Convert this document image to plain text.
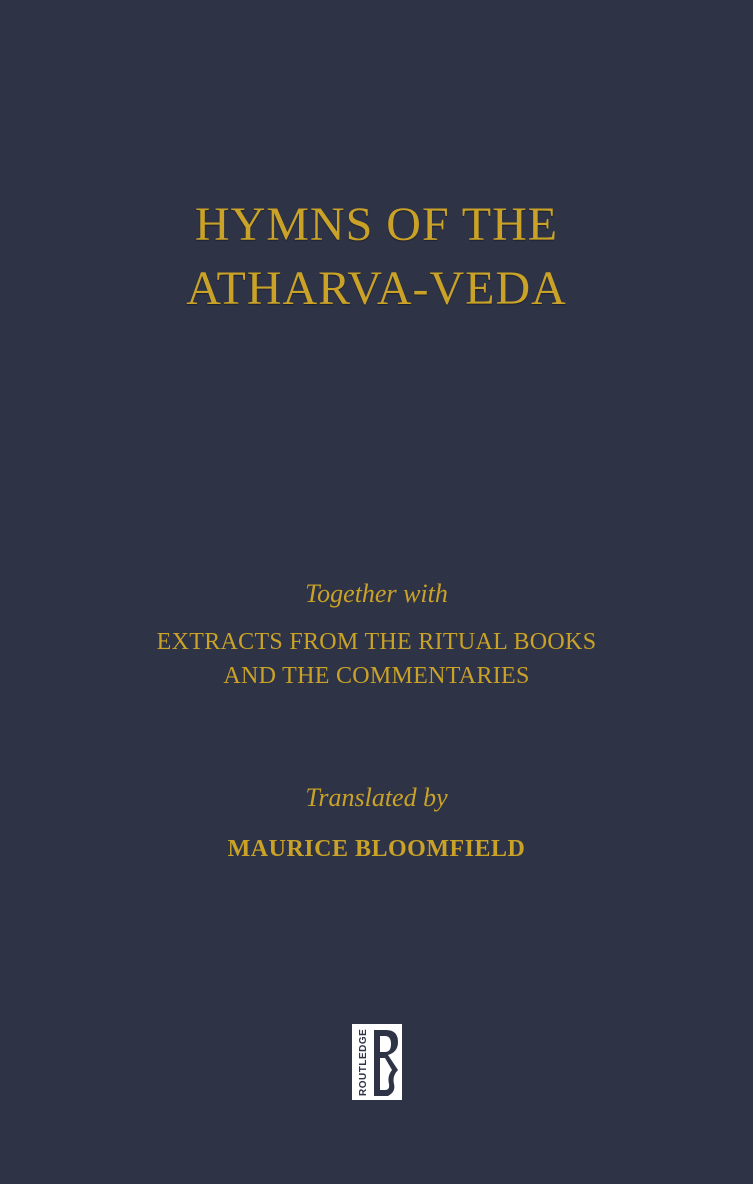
HYMNS OF THE
ATHARVA-VEDA
Together with
EXTRACTS FROM THE RITUAL BOOKS
AND THE COMMENTARIES
Translated by
MAURICE BLOOMFIELD
ROUTLEDGE
